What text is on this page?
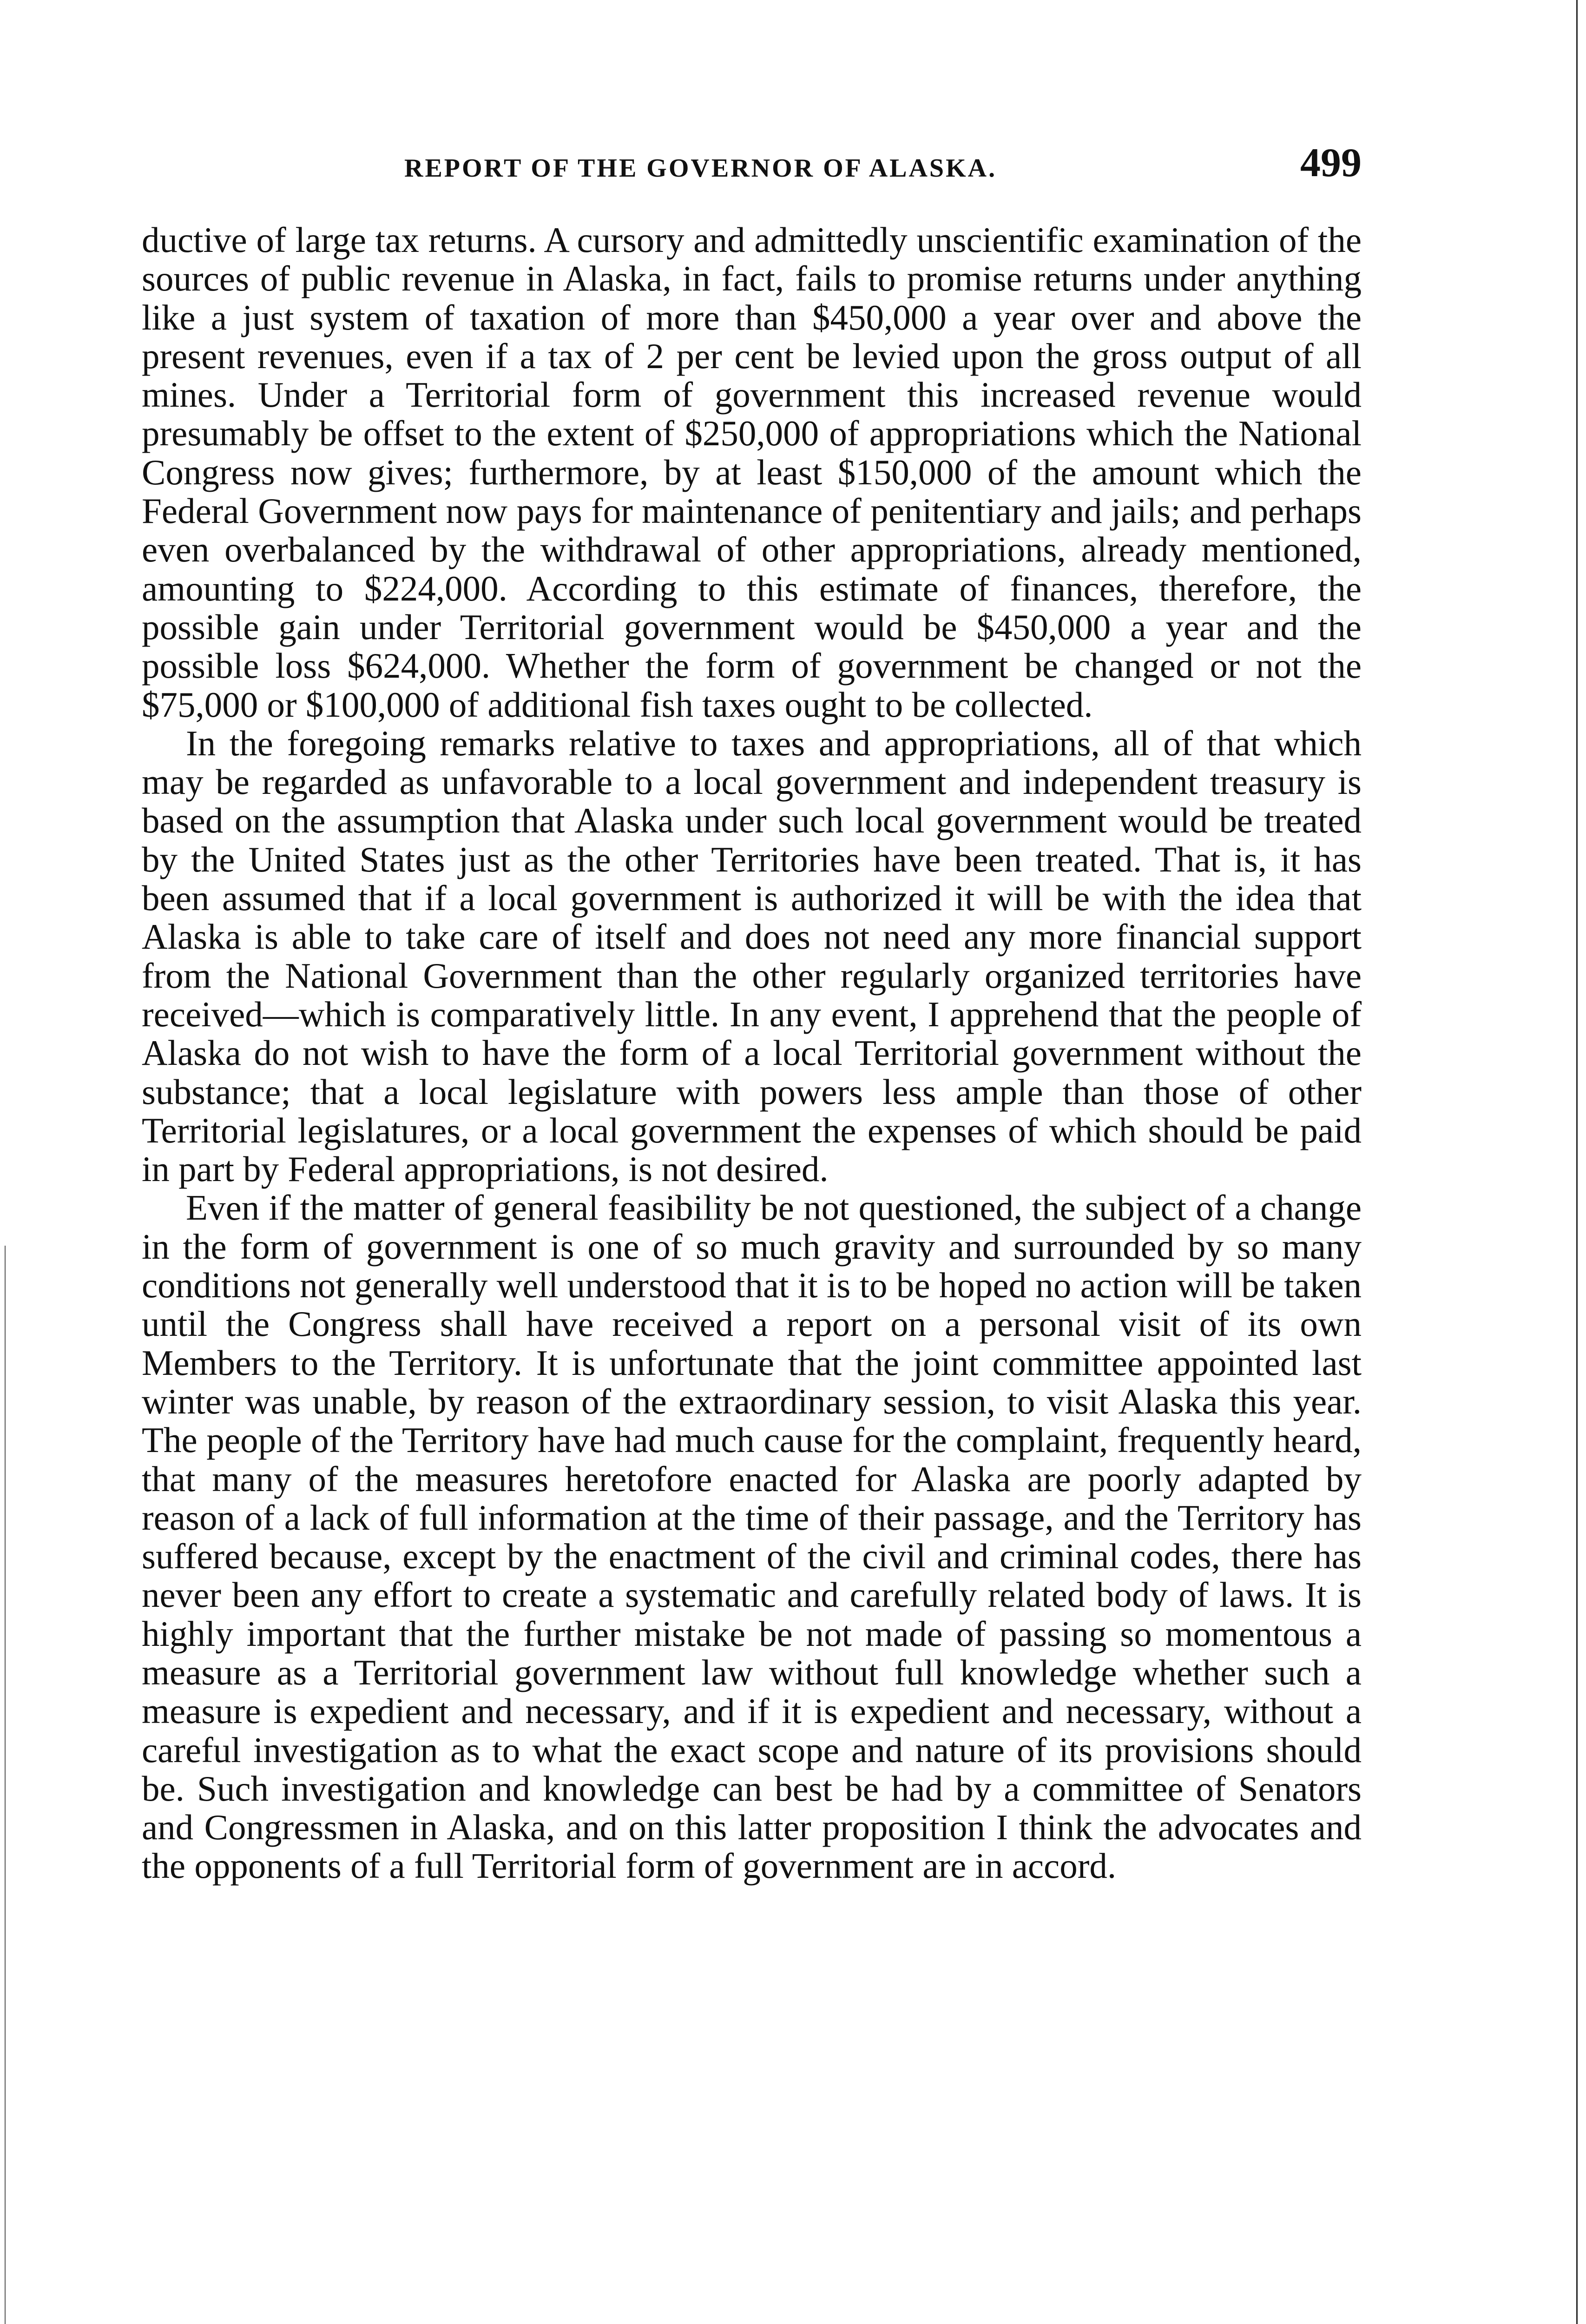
REPORT OF THE GOVERNOR OF ALASKA.	499

ductive of large tax returns. A cursory and admittedly unscientific examination of the sources of public revenue in Alaska, in fact, fails to promise returns under anything like a just system of taxation of more than $450,000 a year over and above the present revenues, even if a tax of 2 per cent be levied upon the gross output of all mines. Under a Territorial form of government this increased revenue would presumably be offset to the extent of $250,000 of appropriations which the National Congress now gives; furthermore, by at least $150,000 of the amount which the Federal Government now pays for maintenance of penitentiary and jails; and perhaps even overbalanced by the withdrawal of other appropriations, already mentioned, amounting to $224,000. According to this estimate of finances, therefore, the possible gain under Territorial government would be $450,000 a year and the possible loss $624,000. Whether the form of government be changed or not the $75,000 or $100,000 of additional fish taxes ought to be collected.

In the foregoing remarks relative to taxes and appropriations, all of that which may be regarded as unfavorable to a local government and independent treasury is based on the assumption that Alaska under such local government would be treated by the United States just as the other Territories have been treated. That is, it has been assumed that if a local government is authorized it will be with the idea that Alaska is able to take care of itself and does not need any more financial support from the National Government than the other regularly organized territories have received—which is comparatively little. In any event, I apprehend that the people of Alaska do not wish to have the form of a local Territorial government without the substance; that a local legislature with powers less ample than those of other Territorial legislatures, or a local government the expenses of which should be paid in part by Federal appropriations, is not desired.

Even if the matter of general feasibility be not questioned, the subject of a change in the form of government is one of so much gravity and surrounded by so many conditions not generally well understood that it is to be hoped no action will be taken until the Congress shall have received a report on a personal visit of its own Members to the Territory. It is unfortunate that the joint committee appointed last winter was unable, by reason of the extraordinary session, to visit Alaska this year. The people of the Territory have had much cause for the complaint, frequently heard, that many of the measures heretofore enacted for Alaska are poorly adapted by reason of a lack of full information at the time of their passage, and the Territory has suffered because, except by the enactment of the civil and criminal codes, there has never been any effort to create a systematic and carefully related body of laws. It is highly important that the further mistake be not made of passing so momentous a measure as a Territorial government law without full knowledge whether such a measure is expedient and necessary, and if it is expedient and necessary, without a careful investigation as to what the exact scope and nature of its provisions should be. Such investigation and knowledge can best be had by a committee of Senators and Congressmen in Alaska, and on this latter proposition I think the advocates and the opponents of a full Territorial form of government are in accord.
